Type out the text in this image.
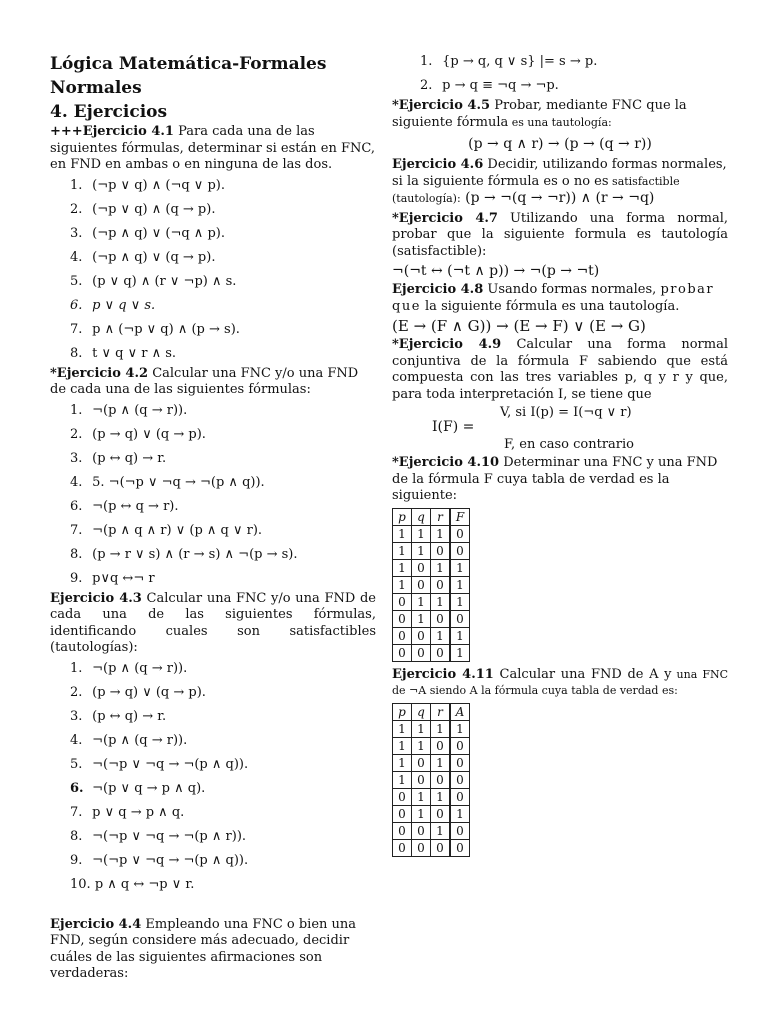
Lógica Matemática-Formales Normales
4. Ejercicios

+++Ejercicio 4.1 Para cada una de las siguientes fórmulas, determinar si están en FNC, en FND en ambas o en ninguna de las dos.

1. (¬p ∨ q) ∧ (¬q ∨ p).
2. (¬p ∨ q) ∧ (q → p).
3. (¬p ∧ q) ∨ (¬q ∧ p).
4. (¬p ∧ q) ∨ (q → p).
5. (p ∨ q) ∧ (r ∨ ¬p) ∧ s.
6. p ∨ q ∨ s.
7. p ∧ (¬p ∨ q) ∧ (p → s).
8. t ∨ q ∨ r ∧ s.

*Ejercicio 4.2 Calcular una FNC y/o una FND de cada una de las siguientes fórmulas:

1. ¬(p ∧ (q → r)).
2. (p → q) ∨ (q → p).
3. (p ↔ q) → r.
4. 5. ¬(¬p ∨ ¬q → ¬(p ∧ q)).
6. ¬(p ↔ q → r).
7. ¬(p ∧ q ∧ r) ∨ (p ∧ q ∨ r).
8. (p → r ∨ s) ∧ (r → s) ∧ ¬(p → s).
9. p∨q ↔¬ r

Ejercicio 4.3 Calcular una FNC y/o una FND de cada una de las siguientes fórmulas, identificando cuales son satisfactibles (tautologías):

1. ¬(p ∧ (q → r)).
2. (p → q) ∨ (q → p).
3. (p ↔ q) → r.
4. ¬(p ∧ (q → r)).
5. ¬(¬p ∨ ¬q → ¬(p ∧ q)).
6. ¬(p ∨ q → p ∧ q).
7. p ∨ q → p ∧ q.
8. ¬(¬p ∨ ¬q → ¬(p ∧ r)).
9. ¬(¬p ∨ ¬q → ¬(p ∧ q)).
10. p ∧ q ↔ ¬p ∨ r.

Ejercicio 4.4 Empleando una FNC o bien una FND, según considere más adecuado, decidir cuáles de las siguientes afirmaciones son verdaderas:

1. {p → q, q ∨ s} |= s → p.
2. p → q ≡ ¬q → ¬p.

*Ejercicio 4.5 Probar, mediante FNC que la siguiente fórmula es una tautología:

(p → q ∧ r) → (p → (q → r))

Ejercicio 4.6 Decidir, utilizando formas normales, si la siguiente fórmula es o no es satisfactible (tautología): (p → ¬(q → ¬r)) ∧ (r → ¬q)

*Ejercicio 4.7 Utilizando una forma normal, probar que la siguiente formula es tautología (satisfactible):

¬(¬t ↔ (¬t ∧ p)) → ¬(p → ¬t)

Ejercicio 4.8 Usando formas normales, probar que la siguiente fórmula es una tautología.

(E → (F ∧ G)) → (E → F) ∨ (E → G)

*Ejercicio 4.9 Calcular una forma normal conjuntiva de la fórmula F sabiendo que está compuesta con las tres variables p, q y r y que, para toda interpretación I, se tiene que

I(F) =
V, si I(p) = I(¬q ∨ r)
F, en caso contrario

*Ejercicio 4.10 Determinar una FNC y una FND de la fórmula F cuya tabla de verdad es la siguiente:

p	q	r	F
1	1	1	0
1	1	0	0
1	0	1	1
1	0	0	1
0	1	1	1
0	1	0	0
0	0	1	1
0	0	0	1

Ejercicio 4.11 Calcular una FND de A y una FNC de ¬A siendo A la fórmula cuya tabla de verdad es:

p	q	r	A
1	1	1	1
1	1	0	0
1	0	1	0
1	0	0	0
0	1	1	0
0	1	0	1
0	0	1	0
0	0	0	0
